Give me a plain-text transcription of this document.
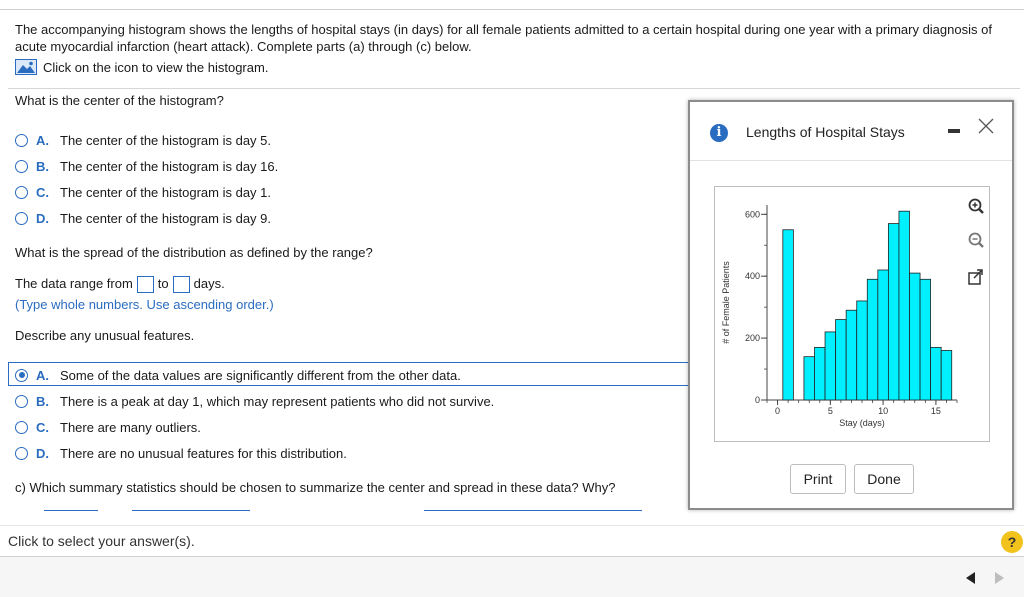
The accompanying histogram shows the lengths of hospital stays (in days) for all female patients admitted to a certain hospital during one year with a primary diagnosis of acute myocardial infarction (heart attack). Complete parts (a) through (c) below.
Click on the icon to view the histogram.
What is the center of the histogram?
A. The center of the histogram is day 5.
B. The center of the histogram is day 16.
C. The center of the histogram is day 1.
D. The center of the histogram is day 9.
What is the spread of the distribution as defined by the range?
The data range from to days.
(Type whole numbers. Use ascending order.)
Describe any unusual features.
A. Some of the data values are significantly different from the other data.
B. There is a peak at day 1, which may represent patients who did not survive.
C. There are many outliers.
D. There are no unusual features for this distribution.
c) Which summary statistics should be chosen to summarize the center and spread in these data? Why?
Click to select your answer(s).	?
i	Lengths of Hospital Stays
0
200
400
600
0	5	10	15
Stay (days)
# of Female Patients
Print	Done
